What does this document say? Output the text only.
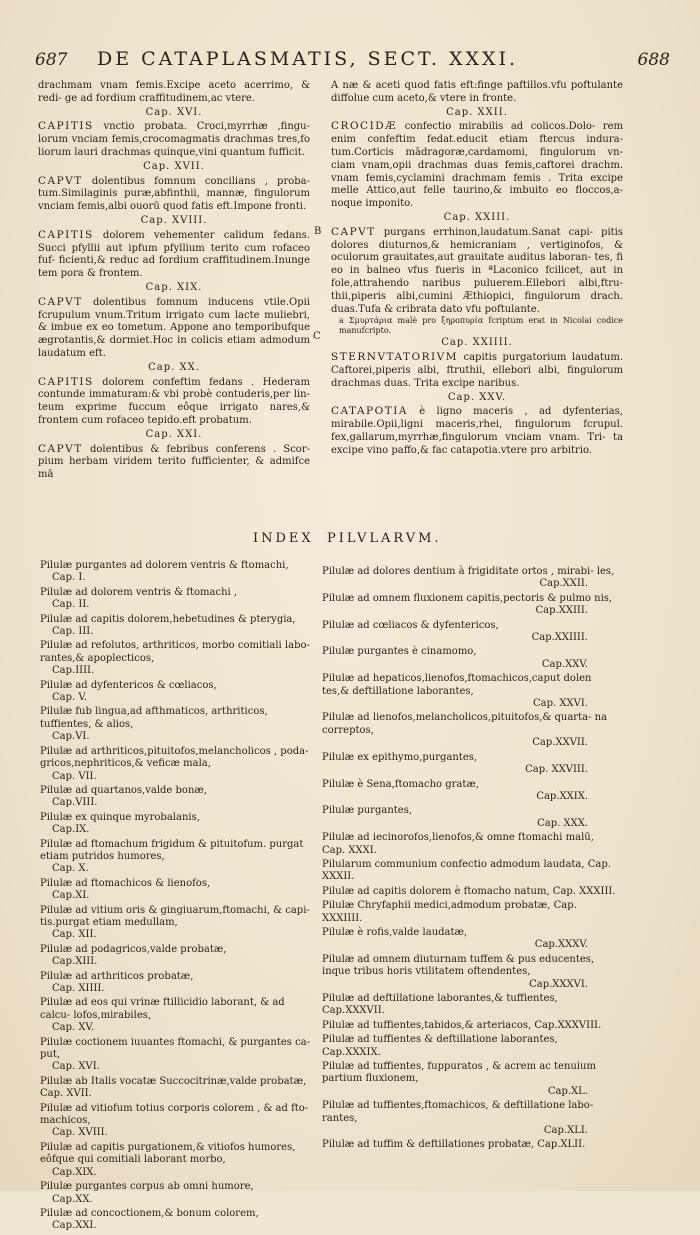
687 DE CATAPLASMATIS, SECT. XXXI.	688
B
C

drachmam vnam femis.Excipe aceto acerrimo, & redi- ge ad fordium craffitudinem,ac vtere.

Cap. XVI.

CAPITIS vnctio probata. Croci,myrrhæ ,fingu- lorum vnciam femis,crocomagmatis drachmas tres,fo liorum lauri drachmas quinque,vini quantum fufficit.

Cap. XVII.

CAPVT dolentibus fomnum concilians , proba- tum.Similaginis puræ,abfinthii, mannæ, fingulorum vnciam femis,albi ouorū quod fatis eft.Impone fronti.

Cap. XVIII.

CAPITIS dolorem vehementer calidum fedans. Succi pfyllii aut ipfum pfyllium terito cum rofaceo fuf- ficienti,& reduc ad fordium craffitudinem.Inunge tem pora & frontem.

Cap. XIX.

CAPVT dolentibus fomnum inducens vtile.Opii fcrupulum vnum.Tritum irrigato cum lacte muliebri, & imbue ex eo tometum. Appone ano temporibufque ægrotantis,& dormiet.Hoc in colicis etiam admodum laudatum eft.

Cap. XX.

CAPITIS dolorem confeftim fedans . Hederam contunde immaturam:& vbi probè contuderis,per lin- teum exprime fuccum eôque irrigato nares,& frontem cum rofaceo tepido.eft probatum.

Cap. XXI.

CAPVT dolentibus & febribus conferens . Scor- pium herbam viridem terito fufficienter, & admifce mā

A næ & aceti quod fatis eft:finge paftillos.vfu poftulante diffolue cum aceto,& vtere in fronte.

Cap. XXII.

CROCIDÆ confectio mirabilis ad colicos.Dolo- rem enim confeftim fedat.educit etiam ftercus indura- tum.Corticis mādragoræ,cardamomi, fingulorum vn- ciam vnam,opii drachmas duas femis,caftorei drachm. vnam femis,cyclamini drachmam femis . Trita excipe melle Attico,aut felle taurino,& imbuito eo floccos,a- noque imponito.

Cap. XXIII.

CAPVT purgans errhinon,laudatum.Sanat capi- pitis dolores diuturnos,& hemicraniam , vertiginofos, & oculorum grauitates,aut grauitate auditus laboran- tes, fi eo in balneo vfus fueris in ªLaconico fcilicet, aut in fole,attrahendo naribus puluerem.Ellebori albi,ftru- thii,piperis albi,cumini Æthiopici, fingulorum drach. duas.Tufa & cribrata dato vfu poftulante.

a Σμυρτάρια malè pro ξηροπυρία fcriptum erat in Nicolai codice manufcripto.

Cap. XXIIII.

STERNVTATORIVM capitis purgatorium laudatum. Caftorei,piperis albi, ftruthii, ellebori albi, fingulorum drachmas duas. Trita excipe naribus.

Cap. XXV.

CATAPOTIA è ligno maceris , ad dyfenterias, mirabile.Opii,ligni maceris,rhei, fingulorum fcrupul. fex,gallarum,myrrhæ,fingulorum vnciam vnam. Tri- ta excipe vino paffo,& fac catapotia.vtere pro arbitrio.

INDEX PILVLARVM.
Pilulæ purgantes ad dolorem ventris & ftomachi,
Cap. I.
Pilulæ ad dolorem ventris & ftomachi ,
Cap. II.
Pilulæ ad capitis dolorem,hebetudines & pterygia,
Cap. III.
Pilulæ ad refolutos, arthriticos, morbo comitiali labo- rantes,& apoplecticos,
Cap.IIII.
Pilulæ ad dyfentericos & cœliacos,
Cap. V.
Pilulæ fub lingua,ad afthmaticos, arthriticos, tuffientes, & alios,
Cap.VI.
Pilulæ ad arthriticos,pituitofos,melancholicos , poda- gricos,nephriticos,& veficæ mala,
Cap. VII.
Pilulæ ad quartanos,valde bonæ,
Cap.VIII.
Pilulæ ex quinque myrobalanis,
Cap.IX.
Pilulæ ad ftomachum frigidum & pituitofum. purgat etiam putridos humores,
Cap. X.
Pilulæ ad ftomachicos & lienofos,
Cap.XI.
Pilulæ ad vitium oris & gingiuarum,ftomachi, & capi- tis.purgat etiam medullam,
Cap. XII.
Pilulæ ad podagricos,valde probatæ,
Cap.XIII.
Pilulæ ad arthriticos probatæ,
Cap. XIIII.
Pilulæ ad eos qui vrinæ ftillicidio laborant, & ad calcu- lofos,mirabiles,
Cap. XV.
Pilulæ coctionem iuuantes ftomachi, & purgantes ca- put,
Cap. XVI.
Pilulæ ab Italis vocatæ Succocitrinæ,valde probatæ, Cap. XVII.
Pilulæ ad vitiofum totius corporis colorem , & ad fto- machicos,
Cap. XVIII.
Pilulæ ad capitis purgationem,& vitiofos humores, eôfque qui comitiali laborant morbo,
Cap.XIX.
Pilulæ purgantes corpus ab omni humore,
Cap.XX.
Pilulæ ad concoctionem,& bonum colorem,
Cap.XXI.
Pilulæ ad dolores dentium à frigiditate ortos , mirabi- les,
Cap.XXII.
Pilulæ ad omnem fluxionem capitis,pectoris & pulmo nis,
Cap.XXIII.
Pilulæ ad cœliacos & dyfentericos,
Cap.XXIIII.
Pilulæ purgantes è cinamomo,
Cap.XXV.
Pilulæ ad hepaticos,lienofos,ftomachicos,caput dolen tes,& deftillatione laborantes,
Cap. XXVI.
Pilulæ ad lienofos,melancholicos,pituitofos,& quarta- na correptos,
Cap.XXVII.
Pilulæ ex epithymo,purgantes,
Cap. XXVIII.
Pilulæ è Sena,ftomacho gratæ,
Cap.XXIX.
Pilulæ purgantes,
Cap. XXX.
Pilulæ ad iecinorofos,lienofos,& omne ftomachi malū, Cap. XXXI.
Pilularum communium confectio admodum laudata, Cap. XXXII.
Pilulæ ad capitis dolorem è ftomacho natum, Cap. XXXIII.
Pilulæ Chryfaphii medici,admodum probatæ, Cap. XXXIIII.
Pilulæ è rofis,valde laudatæ,
Cap.XXXV.
Pilulæ ad omnem diuturnam tuffem & pus educentes, inque tribus horis vtilitatem oftendentes,
Cap.XXXVI.
Pilulæ ad deftillatione laborantes,& tuffientes, Cap.XXXVII.
Pilulæ ad tuffientes,tabidos,& arteriacos, Cap.XXXVIII.
Pilulæ ad tuffientes & deftillatione laborantes, Cap.XXXIX.
Pilulæ ad tuffientes, fuppuratos , & acrem ac tenuium partium fluxionem,
Cap.XL.
Pilulæ ad tuffientes,ftomachicos, & deftillatione labo- rantes,
Cap.XLI.
Pilulæ ad tuffim & deftillationes probatæ, Cap.XLII.
